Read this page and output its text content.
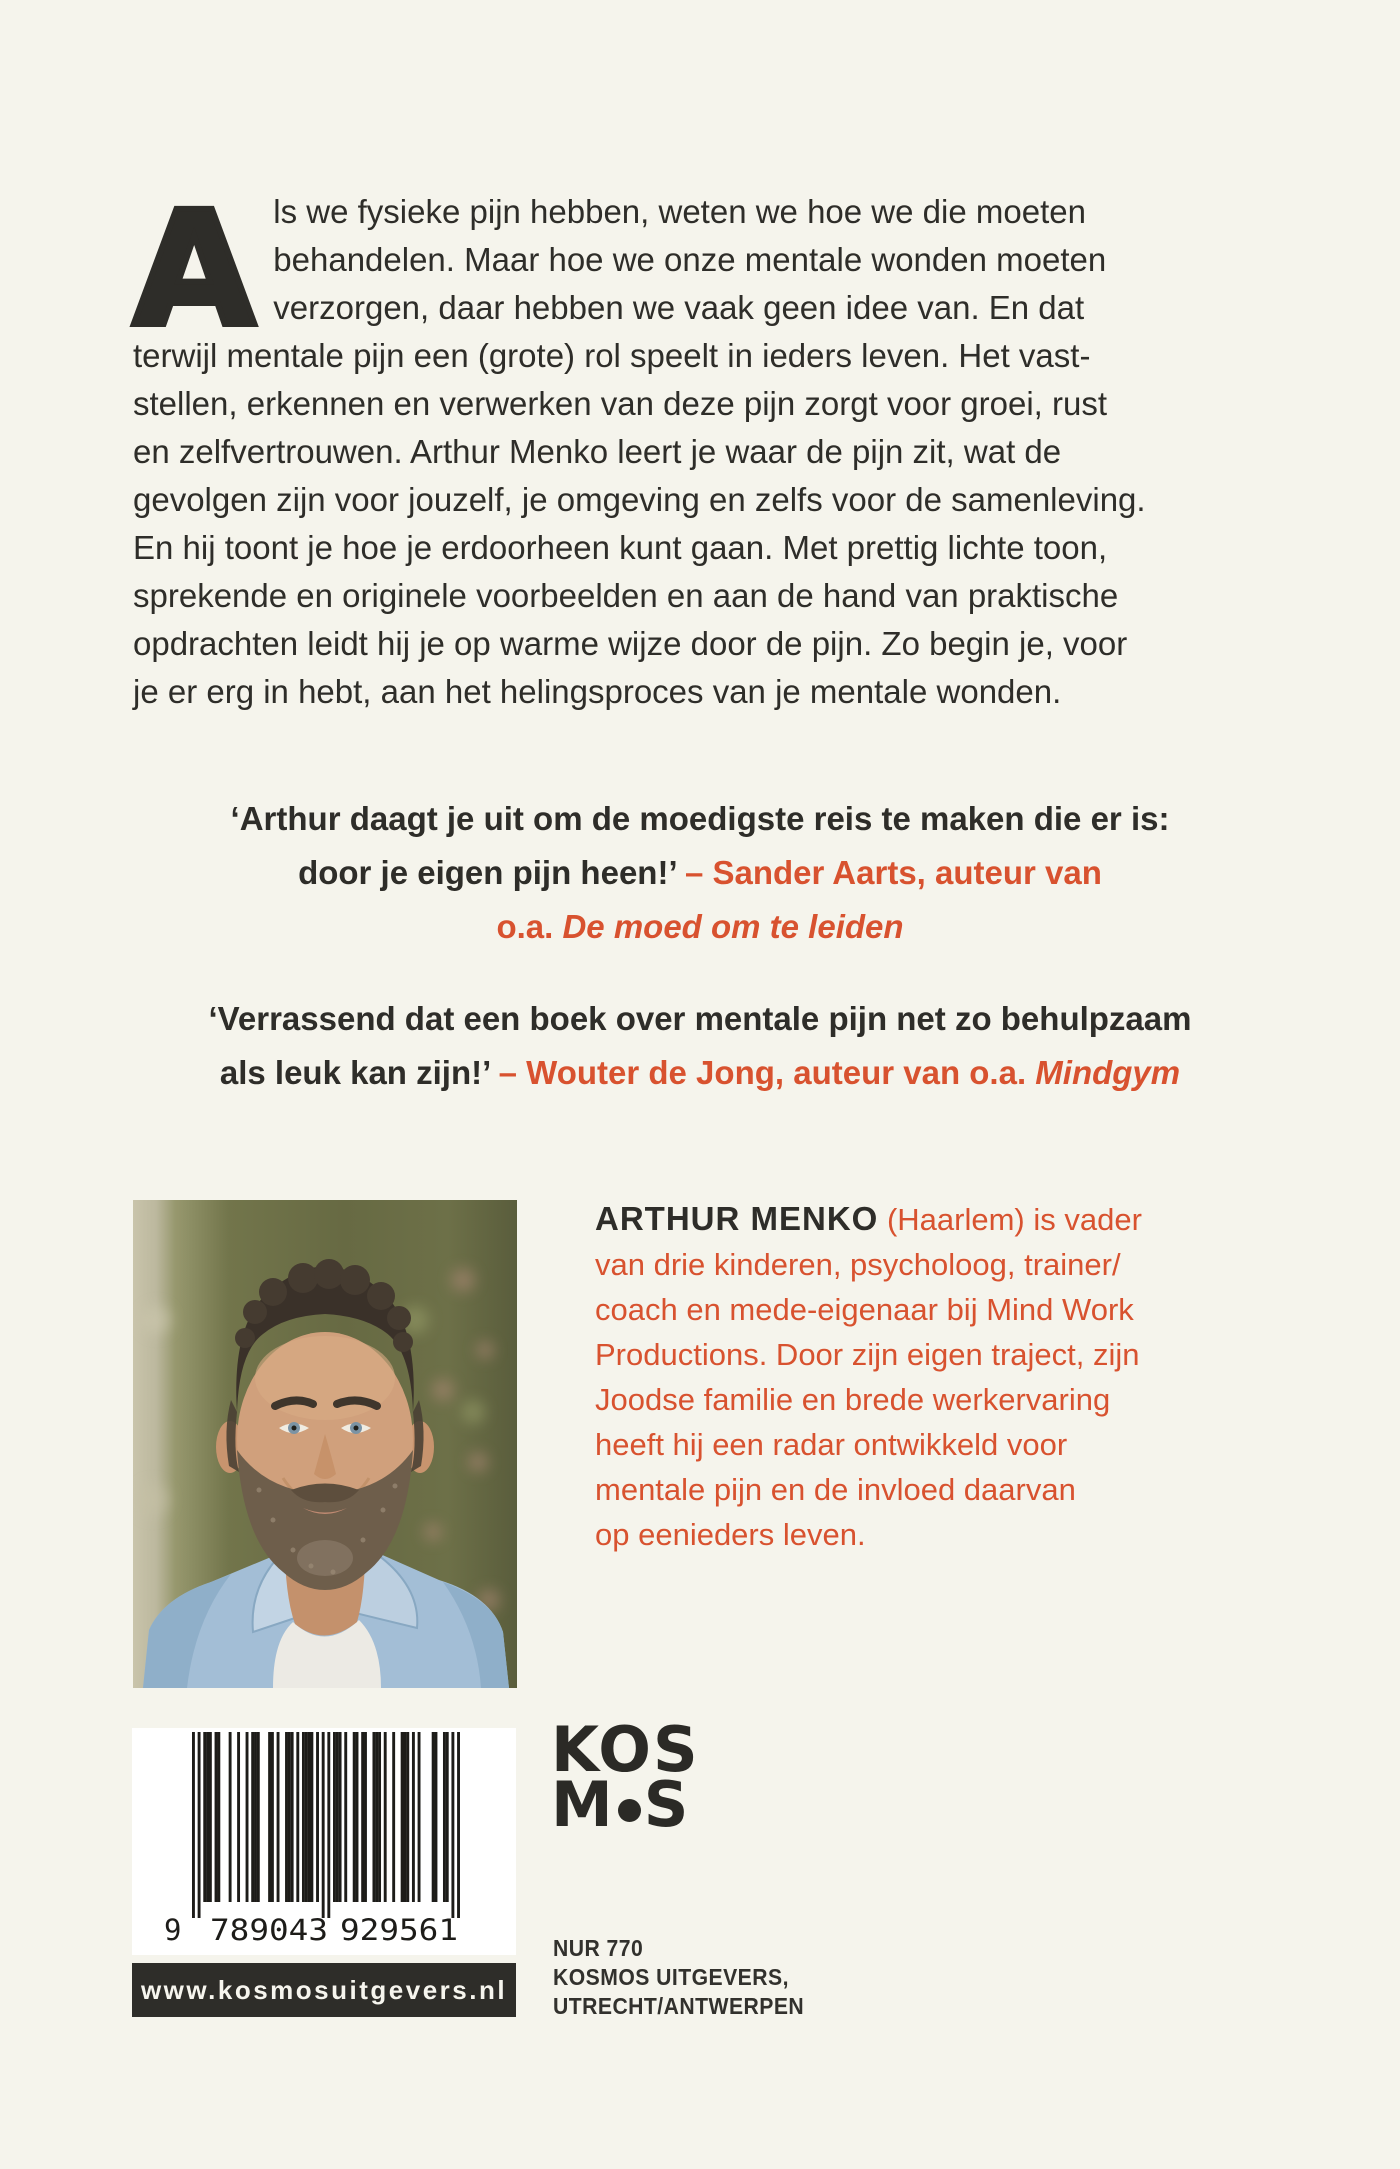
Als we fysieke pijn hebben, weten we hoe we die moeten
behandelen. Maar hoe we onze mentale wonden moeten
verzorgen, daar hebben we vaak geen idee van. En dat
terwijl mentale pijn een (grote) rol speelt in ieders leven. Het vast-
stellen, erkennen en verwerken van deze pijn zorgt voor groei, rust
en zelfvertrouwen. Arthur Menko leert je waar de pijn zit, wat de
gevolgen zijn voor jouzelf, je omgeving en zelfs voor de samenleving.
En hij toont je hoe je erdoorheen kunt gaan. Met prettig lichte toon,
sprekende en originele voorbeelden en aan de hand van praktische
opdrachten leidt hij je op warme wijze door de pijn. Zo begin je, voor
je er erg in hebt, aan het helingsproces van je mentale wonden.

‘Arthur daagt je uit om de moedigste reis te maken die er is:
door je eigen pijn heen!’ – Sander Aarts, auteur van
o.a. De moed om te leiden
‘Verrassend dat een boek over mentale pijn net zo behulpzaam
als leuk kan zijn!’ – Wouter de Jong, auteur van o.a. Mindgym
ARTHUR MENKO (Haarlem) is vader
van drie kinderen, psycholoog, trainer/
coach en mede-eigenaar bij Mind Work
Productions. Door zijn eigen traject, zijn
Joodse familie en brede werkervaring
heeft hij een radar ontwikkeld voor
mentale pijn en de invloed daarvan
op eenieders leven.
9 789043 929561
KOS
M S
NUR 770
KOSMOS UITGEVERS,
UTRECHT/ANTWERPEN
www.kosmosuitgevers.nl
